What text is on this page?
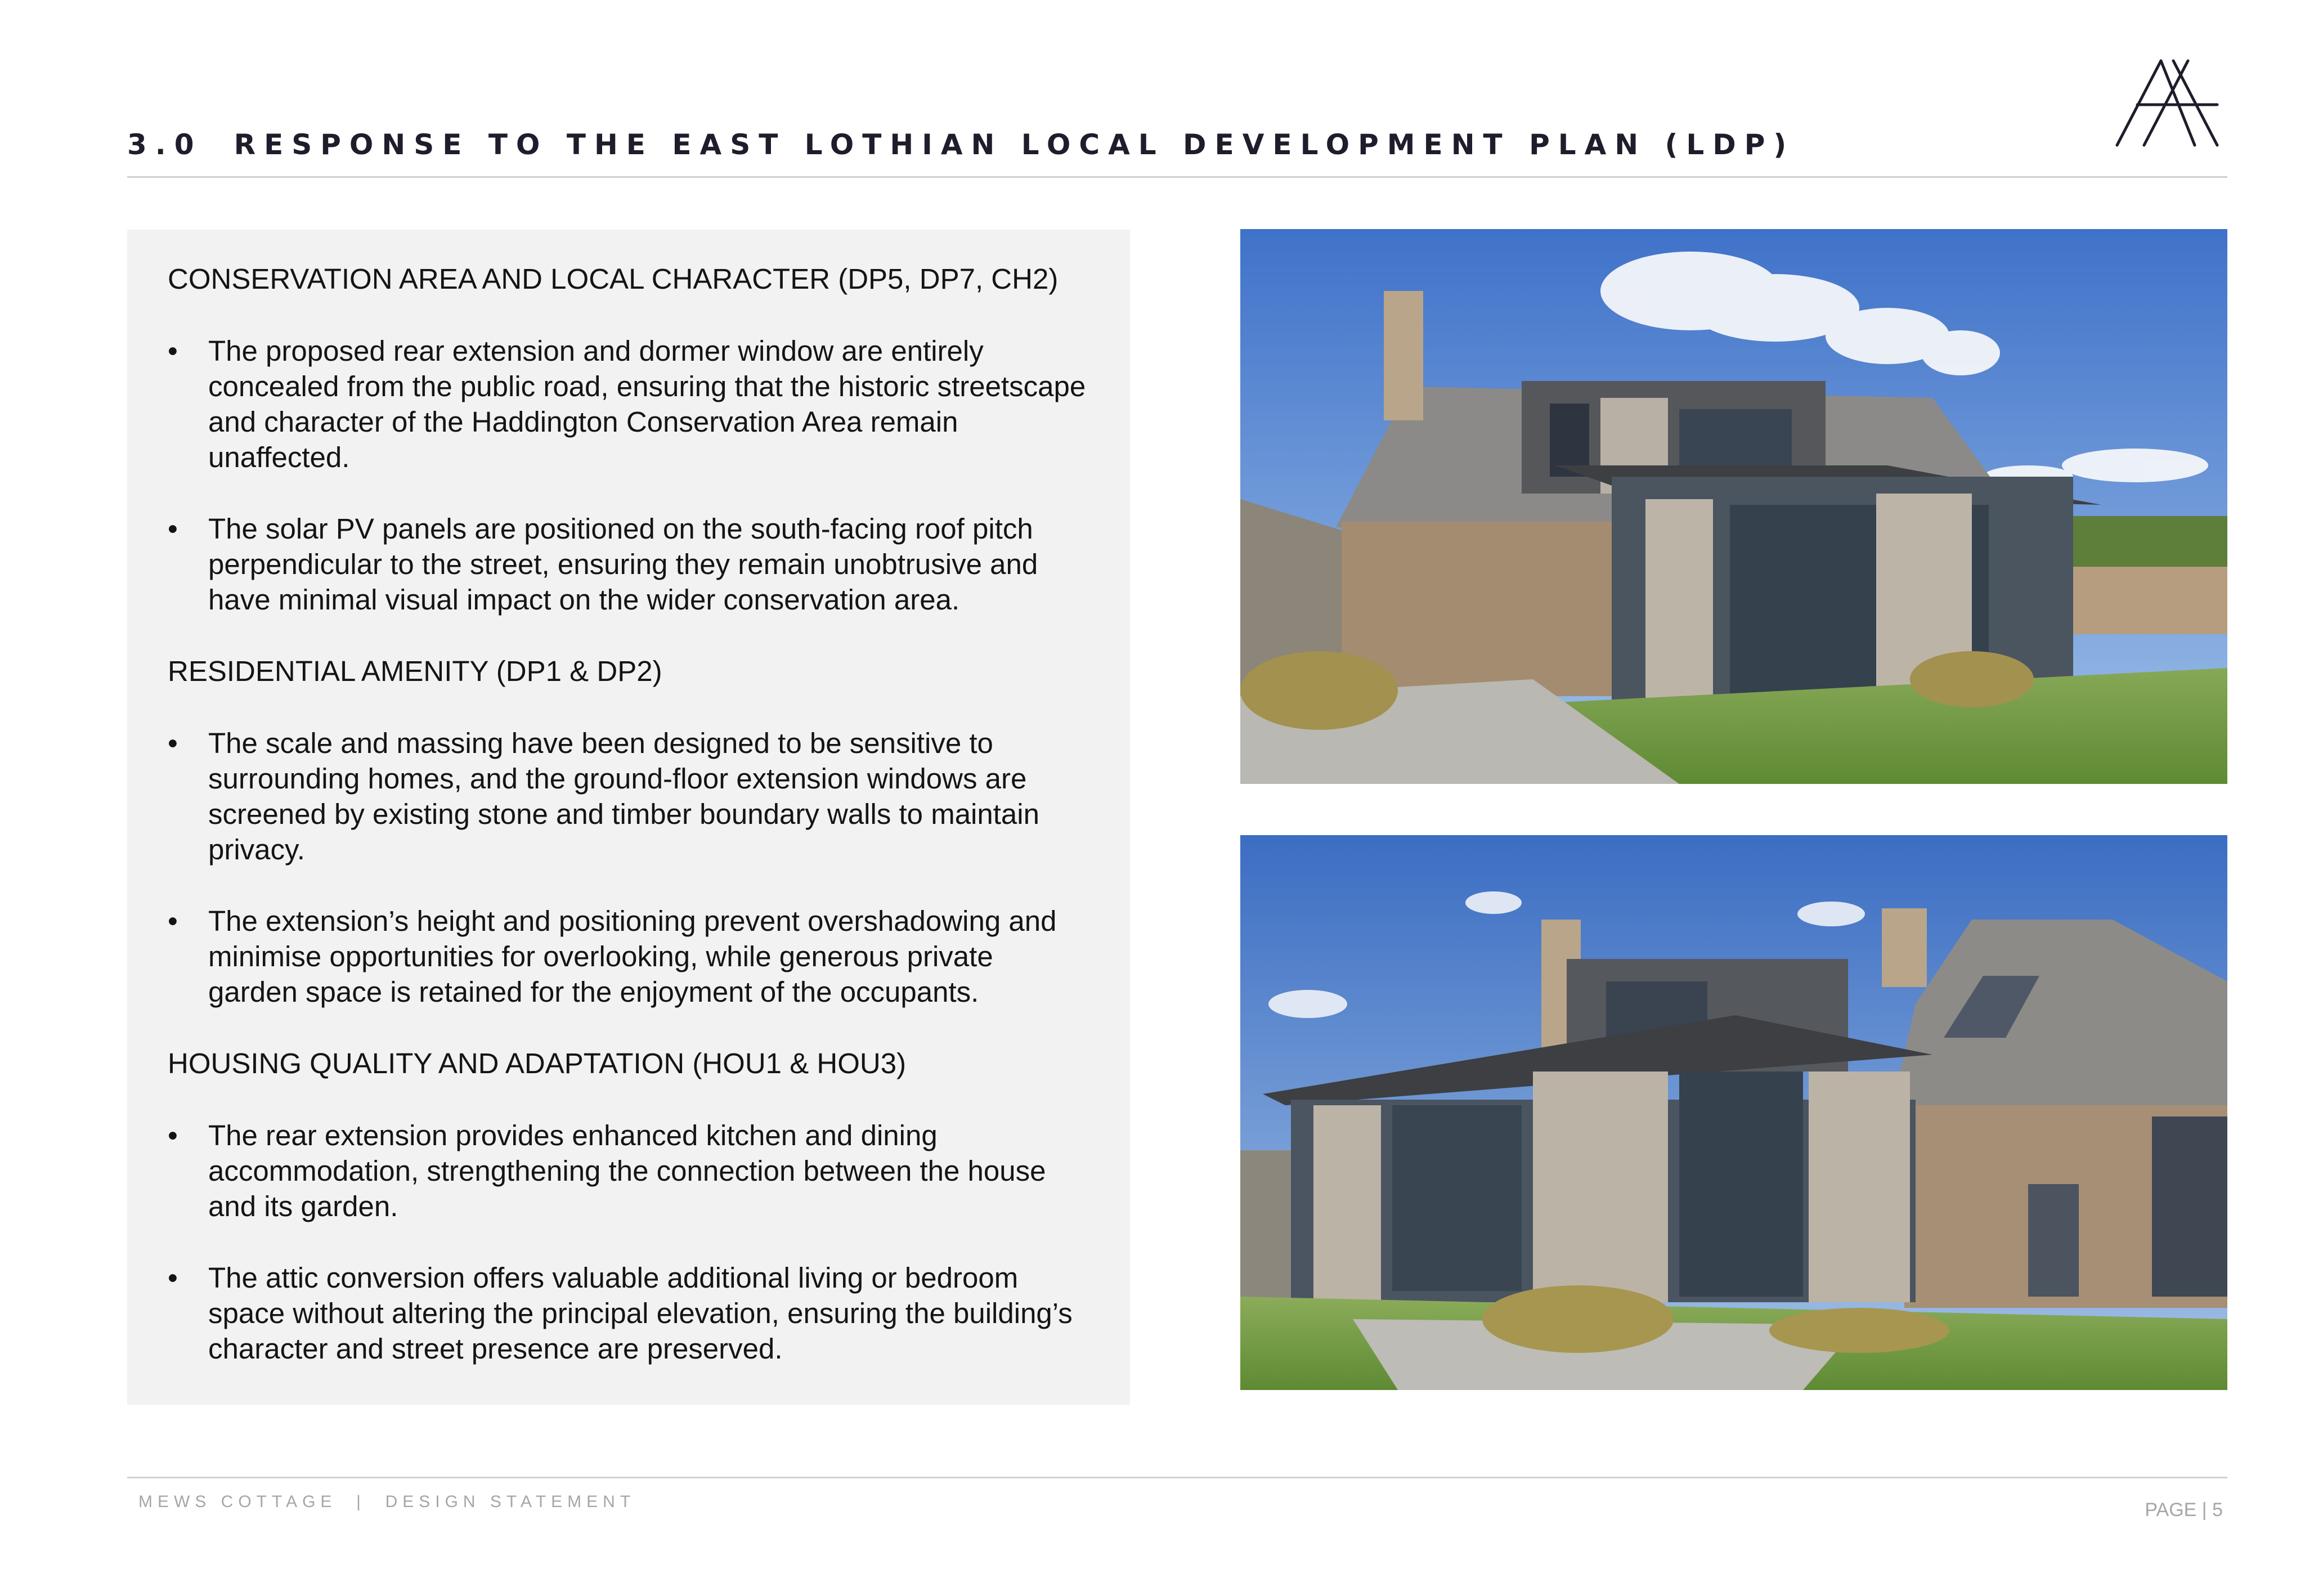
3.0 RESPONSE TO THE EAST LOTHIAN LOCAL DEVELOPMENT PLAN (LDP)
CONSERVATION AREA AND LOCAL CHARACTER (DP5, DP7, CH2)
• The proposed rear extension and dormer window are entirely concealed from the public road, ensuring that the historic streetscape and character of the Haddington Conservation Area remain unaffected.
• The solar PV panels are positioned on the south-facing roof pitch perpendicular to the street, ensuring they remain unobtrusive and have minimal visual impact on the wider conservation area.
RESIDENTIAL AMENITY (DP1 & DP2)
• The scale and massing have been designed to be sensitive to surrounding homes, and the ground-floor extension windows are screened by existing stone and timber boundary walls to maintain privacy.
• The extension’s height and positioning prevent overshadowing and minimise opportunities for overlooking, while generous private garden space is retained for the enjoyment of the occupants.
HOUSING QUALITY AND ADAPTATION (HOU1 & HOU3)
• The rear extension provides enhanced kitchen and dining accommodation, strengthening the connection between the house and its garden.
• The attic conversion offers valuable additional living or bedroom space without altering the principal elevation, ensuring the building’s character and street presence are preserved.
MEWS COTTAGE  |  DESIGN STATEMENT	PAGE | 5
